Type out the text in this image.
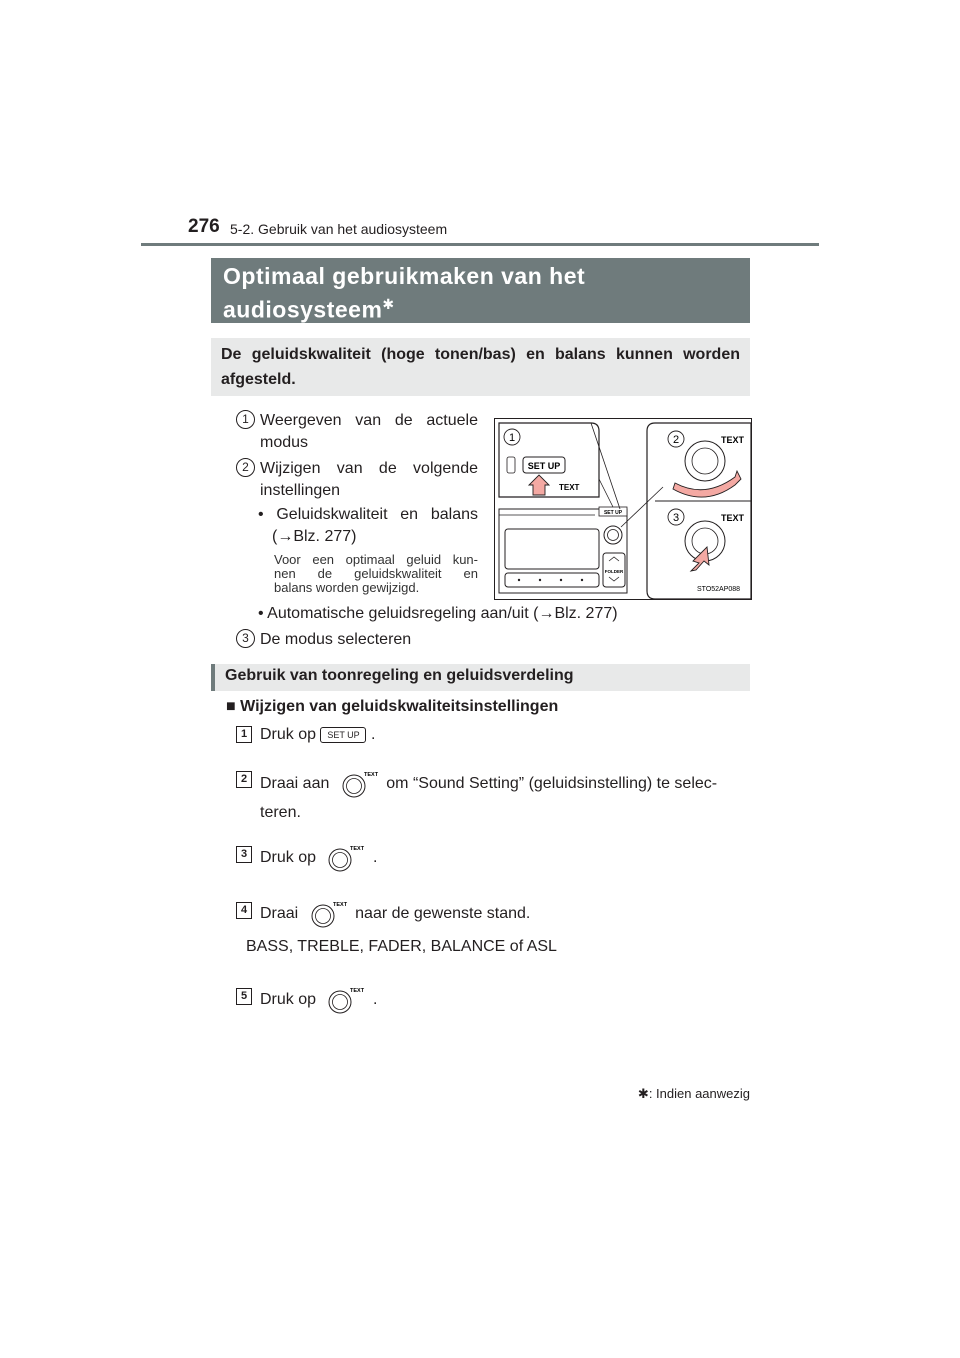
276 5-2. Gebruik van het audiosysteem
Optimaal gebruikmaken van het
audiosysteem✱
De geluidskwaliteit (hoge tonen/bas) en balans kunnen worden afgesteld.
1 Weergeven van de actuele
modus
2 Wijzigen van de volgende
instellingen
• Geluidskwaliteit en balans
(→Blz. 277)
Voor een optimaal geluid kun-
nen de geluidskwaliteit en
balans worden gewijzigd.
• Automatische geluidsregeling aan/uit (→Blz. 277)
3 De modus selecteren
SET UP
FOLDER
1
SET UP
TEXT
2	TEXT
3	TEXT
STO52AP088
Gebruik van toonregeling en geluidsverdeling
■ Wijzigen van geluidskwaliteitsinstellingen
1 Druk op SET UP .
2 Draai aan
TEXT
om “Sound Setting” (geluidsinstelling) te selec-
teren.
3 Druk op
TEXT
.
4 Draai
TEXT
naar de gewenste stand.
BASS, TREBLE, FADER, BALANCE of ASL
5 Druk op
TEXT
.
✱: Indien aanwezig
